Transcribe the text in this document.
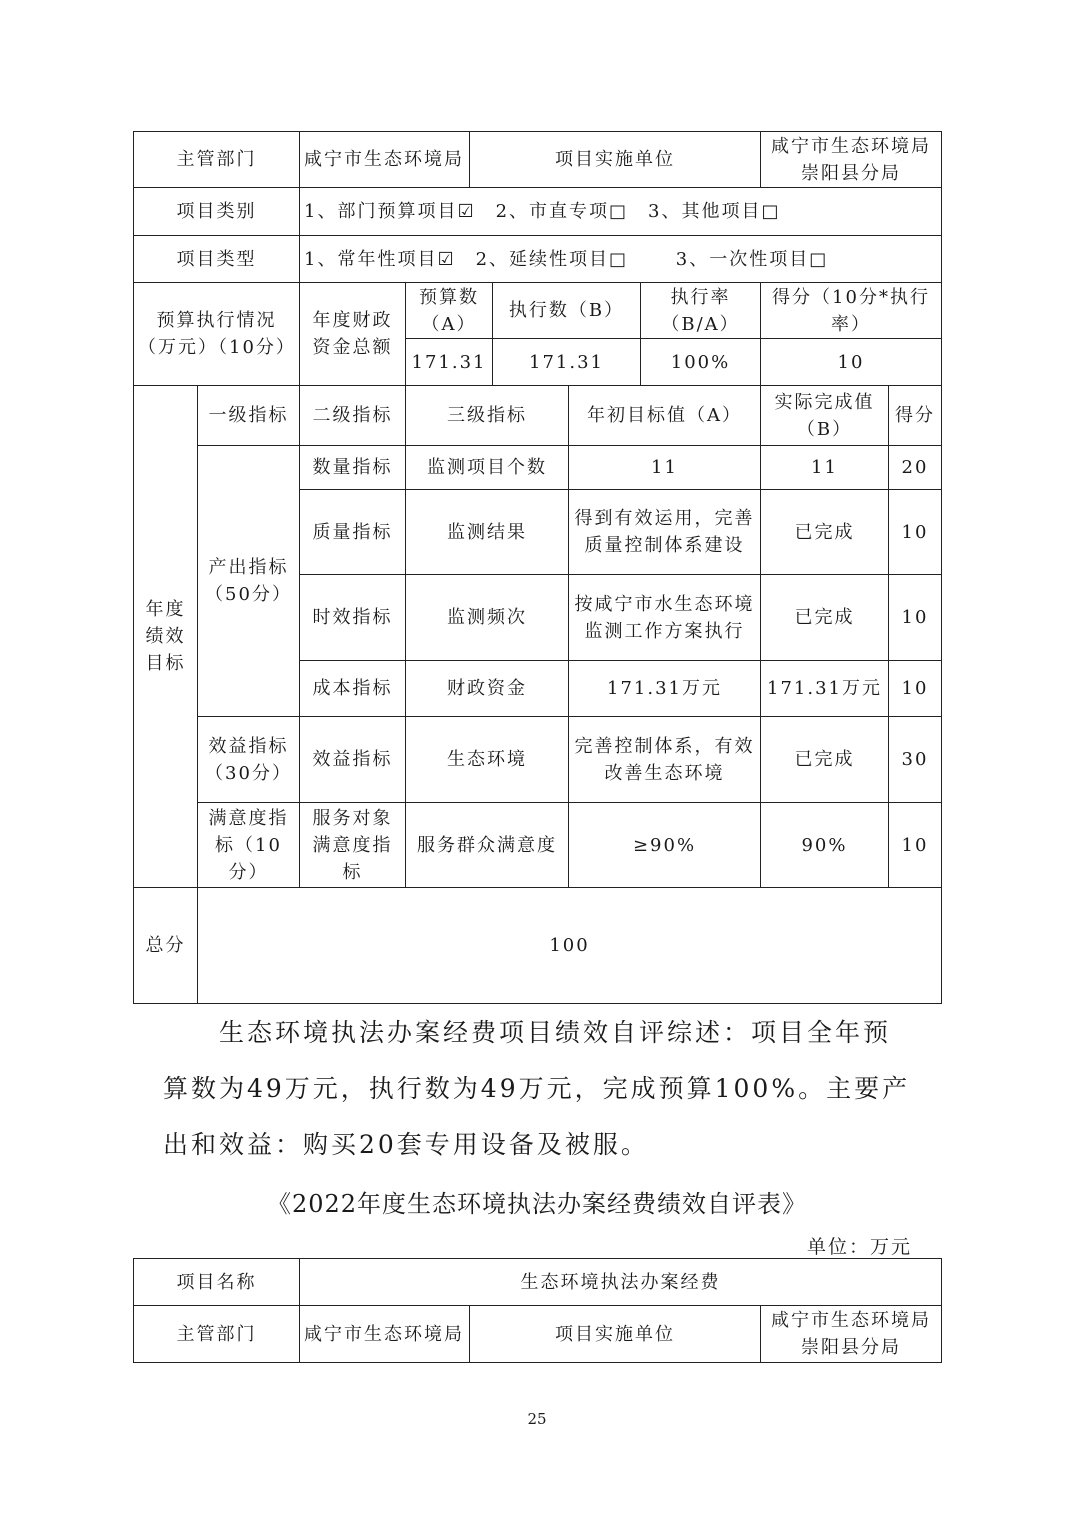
主管部门		咸宁市生态环境局		项目实施单位				咸宁市生态环境局崇阳县分局	
项目类别		1、部门预算项目☑　2、市直专项□　3、其他项目□							
项目类型		1、常年性项目☑　2、延续性项目□　　 3、一次性项目□							
预算执行情况（万元）（10分）		年度财政资金总额	预算数（A）		执行数（B）		执行率（B/A）	得分（10分*执行率）	
			171.31		171.31		100%	10	
年度绩效目标	一级指标	二级指标	三级指标			年初目标值（A）		实际完成值（B）	得分
	产出指标（50分）	数量指标	监测项目个数			11		11	20
		质量指标	监测结果			得到有效运用，完善质量控制体系建设		已完成	10
		时效指标	监测频次			按咸宁市水生态环境监测工作方案执行		已完成	10
		成本指标	财政资金			171.31万元		171.31万元	10
	效益指标（30分）	效益指标	生态环境			完善控制体系，有效改善生态环境		已完成	30
	满意度指标（10分）	服务对象满意度指标	服务群众满意度			≥90%		90%	10
总分	100								
生态环境执法办案经费项目绩效自评综述：项目全年预算数为49万元，执行数为49万元，完成预算100%。主要产出和效益：购买20套专用设备及被服。
《2022年度生态环境执法办案经费绩效自评表》
单位：万元
项目名称	生态环境执法办案经费		
主管部门	咸宁市生态环境局	项目实施单位	咸宁市生态环境局崇阳县分局
25
